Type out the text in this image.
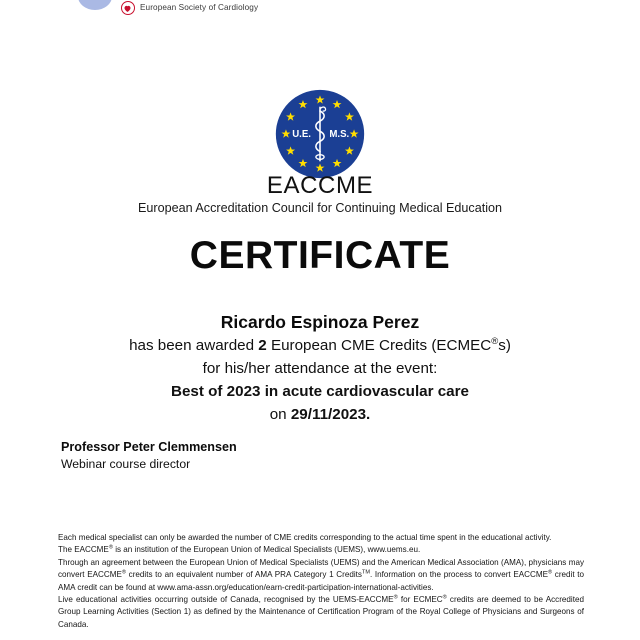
European Society of Cardiology
U.E. M.S.
EACCME
European Accreditation Council for Continuing Medical Education
CERTIFICATE
Ricardo Espinoza Perez
has been awarded 2 European CME Credits (ECMEC®s)
for his/her attendance at the event:
Best of 2023 in acute cardiovascular care
on 29/11/2023.
Professor Peter Clemmensen
Webinar course director

Each medical specialist can only be awarded the number of CME credits corresponding to the actual time spent in the educational activity.

The EACCME® is an institution of the European Union of Medical Specialists (UEMS), www.uems.eu.

Through an agreement between the European Union of Medical Specialists (UEMS) and the American Medical Association (AMA), physicians may convert EACCME® credits to an equivalent number of AMA PRA Category 1 Credits™. Information on the process to convert EACCME® credit to AMA credit can be found at www.ama-assn.org/education/earn-credit-participation-international-activities.

Live educational activities occurring outside of Canada, recognised by the UEMS-EACCME® for ECMEC® credits are deemed to be Accredited Group Learning Activities (Section 1) as defined by the Maintenance of Certification Program of the Royal College of Physicians and Surgeons of Canada.
